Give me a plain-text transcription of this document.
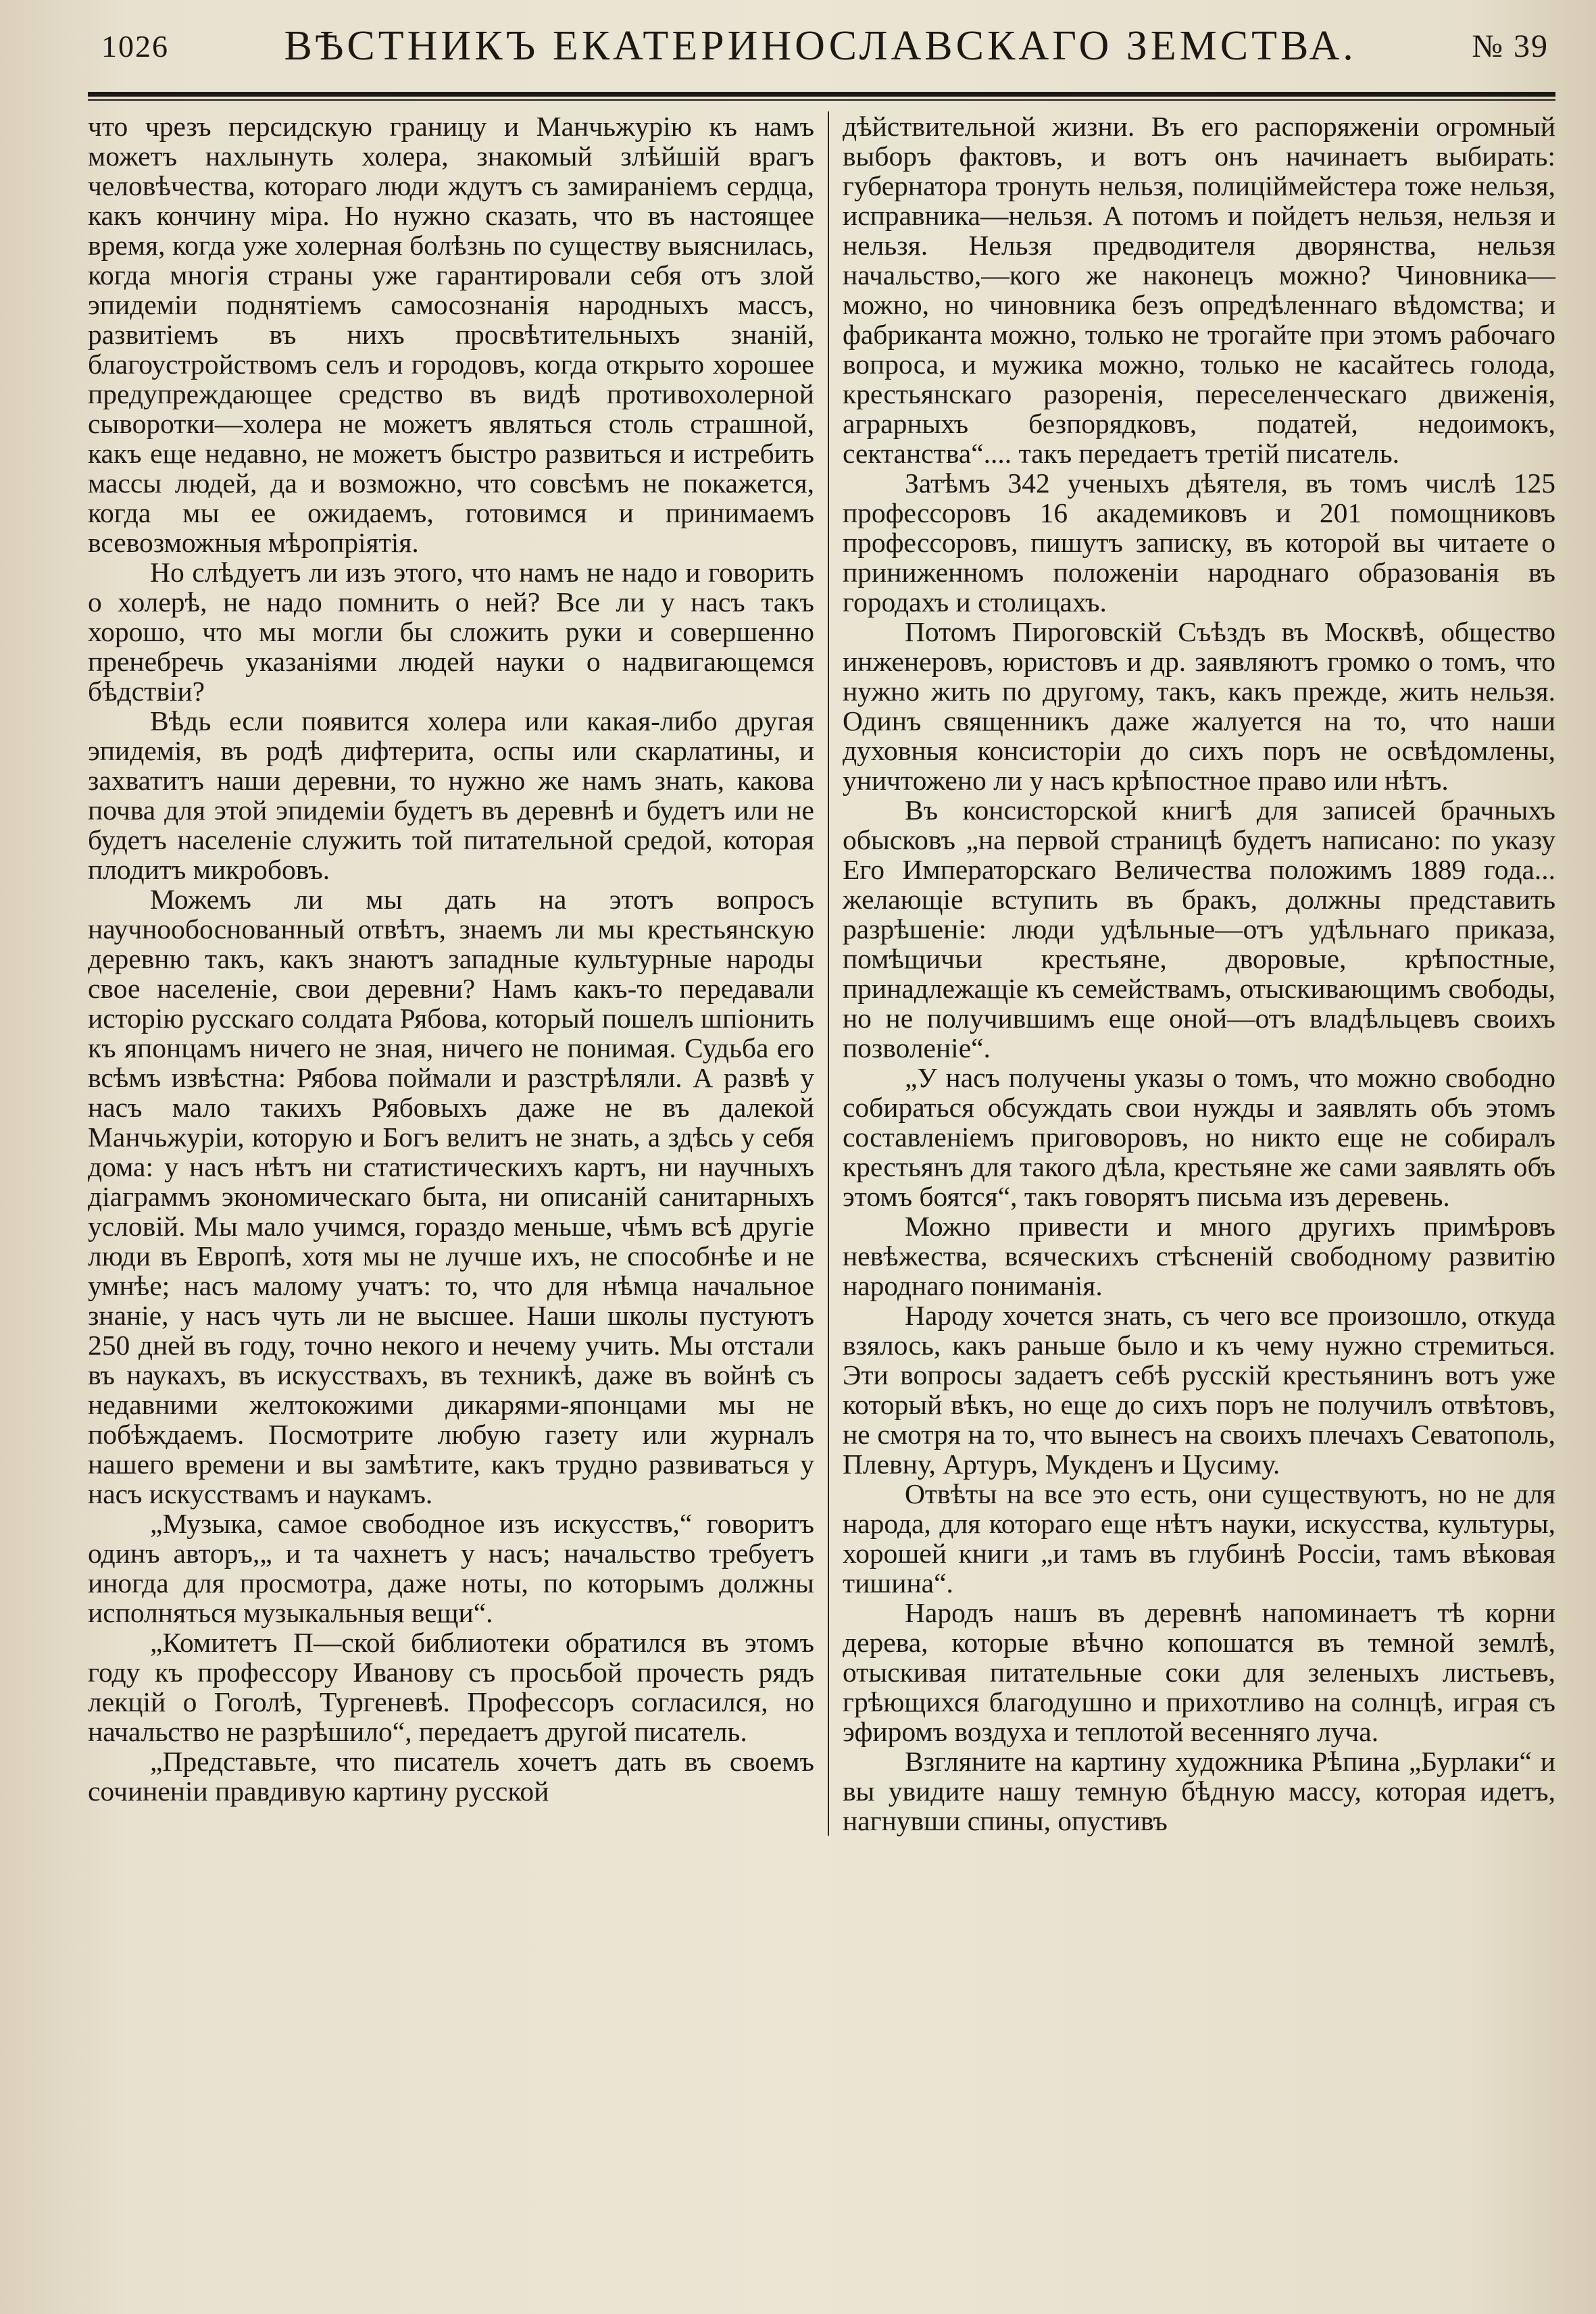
1026	ВѢСТНИКЪ ЕКАТЕРИНОСЛАВСКАГО ЗЕМСТВА.	№ 39

что чрезъ персидскую границу и Манчьжурію къ намъ можетъ нахлынуть холера, знакомый злѣйшій врагъ человѣчества, котораго люди ждутъ съ замираніемъ сердца, какъ кончину міра. Но нужно сказать, что въ настоящее время, когда уже холерная болѣзнь по существу выяснилась, когда многія страны уже гарантировали себя отъ злой эпидеміи поднятіемъ самосознанія народныхъ массъ, развитіемъ въ нихъ просвѣтительныхъ знаній, благоустройствомъ селъ и городовъ, когда открыто хорошее предупреждающее средство въ видѣ противохолерной сыворотки—холера не можетъ являться столь страшной, какъ еще недавно, не можетъ быстро развиться и истребить массы людей, да и возможно, что совсѣмъ не покажется, когда мы ее ожидаемъ, готовимся и принимаемъ всевозможныя мѣропріятія.

Но слѣдуетъ ли изъ этого, что намъ не надо и говорить о холерѣ, не надо помнить о ней? Все ли у насъ такъ хорошо, что мы могли бы сложить руки и совершенно пренебречь указаніями людей науки о надвигающемся бѣдствіи?

Вѣдь если появится холера или какая-либо другая эпидемія, въ родѣ дифтерита, оспы или скарлатины, и захватитъ наши деревни, то нужно же намъ знать, какова почва для этой эпидеміи будетъ въ деревнѣ и будетъ или не будетъ населеніе служить той питательной средой, которая плодитъ микробовъ.

Можемъ ли мы дать на этотъ вопросъ научнообоснованный отвѣтъ, знаемъ ли мы крестьянскую деревню такъ, какъ знаютъ западные культурные народы свое населеніе, свои деревни? Намъ какъ-то передавали исторію русскаго солдата Рябова, который пошелъ шпіонить къ японцамъ ничего не зная, ничего не понимая. Судьба его всѣмъ извѣстна: Рябова поймали и разстрѣляли. А развѣ у насъ мало такихъ Рябовыхъ даже не въ далекой Манчьжуріи, которую и Богъ велитъ не знать, а здѣсь у себя дома: у насъ нѣтъ ни статистическихъ картъ, ни научныхъ діаграммъ экономическаго быта, ни описаній санитарныхъ условій. Мы мало учимся, гораздо меньше, чѣмъ всѣ другіе люди въ Европѣ, хотя мы не лучше ихъ, не способнѣе и не умнѣе; насъ малому учатъ: то, что для нѣмца начальное знаніе, у насъ чуть ли не высшее. Наши школы пустуютъ 250 дней въ году, точно некого и нечему учить. Мы отстали въ наукахъ, въ искусствахъ, въ техникѣ, даже въ войнѣ съ недавними желтокожими дикарями-японцами мы не побѣждаемъ. Посмотрите любую газету или журналъ нашего времени и вы замѣтите, какъ трудно развиваться у насъ искусствамъ и наукамъ.

„Музыка, самое свободное изъ искусствъ,“ говоритъ одинъ авторъ,„ и та чахнетъ у насъ; начальство требуетъ иногда для просмотра, даже ноты, по которымъ должны исполняться музыкальныя вещи“.

„Комитетъ П—ской библиотеки обратился въ этомъ году къ профессору Иванову съ просьбой прочесть рядъ лекцій о Гоголѣ, Тургеневѣ. Профессоръ согласился, но начальство не разрѣшило“, передаетъ другой писатель.

„Представьте, что писатель хочетъ дать въ своемъ сочиненіи правдивую картину русской

дѣйствительной жизни. Въ его распоряженіи огромный выборъ фактовъ, и вотъ онъ начинаетъ выбирать: губернатора тронуть нельзя, полиціймейстера тоже нельзя, исправника—нельзя. А потомъ и пойдетъ нельзя, нельзя и нельзя. Нельзя предводителя дворянства, нельзя начальство,—кого же наконецъ можно? Чиновника—можно, но чиновника безъ опредѣленнаго вѣдомства; и фабриканта можно, только не трогайте при этомъ рабочаго вопроса, и мужика можно, только не касайтесь голода, крестьянскаго разоренія, переселенческаго движенія, аграрныхъ безпорядковъ, податей, недоимокъ, сектанства“.... такъ передаетъ третій писатель.

Затѣмъ 342 ученыхъ дѣятеля, въ томъ числѣ 125 профессоровъ 16 академиковъ и 201 помощниковъ профессоровъ, пишутъ записку, въ которой вы читаете о приниженномъ положеніи народнаго образованія въ городахъ и столицахъ.

Потомъ Пироговскій Съѣздъ въ Москвѣ, общество инженеровъ, юристовъ и др. заявляютъ громко о томъ, что нужно жить по другому, такъ, какъ прежде, жить нельзя. Одинъ священникъ даже жалуется на то, что наши духовныя консисторіи до сихъ поръ не освѣдомлены, уничтожено ли у насъ крѣпостное право или нѣтъ.

Въ консисторской книгѣ для записей брачныхъ обысковъ „на первой страницѣ будетъ написано: по указу Его Императорскаго Величества положимъ 1889 года... желающіе вступить въ бракъ, должны представить разрѣшеніе: люди удѣльные—отъ удѣльнаго приказа, помѣщичьи крестьяне, дворовые, крѣпостные, принадлежащіе къ семействамъ, отыскивающимъ свободы, но не получившимъ еще оной—отъ владѣльцевъ своихъ позволеніе“.

„У насъ получены указы о томъ, что можно свободно собираться обсуждать свои нужды и заявлять объ этомъ составленіемъ приговоровъ, но никто еще не собиралъ крестьянъ для такого дѣла, крестьяне же сами заявлять объ этомъ боятся“, такъ говорятъ письма изъ деревень.

Можно привести и много другихъ примѣровъ невѣжества, всяческихъ стѣсненій свободному развитію народнаго пониманія.

Народу хочется знать, съ чего все произошло, откуда взялось, какъ раньше было и къ чему нужно стремиться. Эти вопросы задаетъ себѣ русскій крестьянинъ вотъ уже который вѣкъ, но еще до сихъ поръ не получилъ отвѣтовъ, не смотря на то, что вынесъ на своихъ плечахъ Севатополь, Плевну, Артуръ, Мукденъ и Цусиму.

Отвѣты на все это есть, они существуютъ, но не для народа, для котораго еще нѣтъ науки, искусства, культуры, хорошей книги „и тамъ въ глубинѣ Россіи, тамъ вѣковая тишина“.

Народъ нашъ въ деревнѣ напоминаетъ тѣ корни дерева, которые вѣчно копошатся въ темной землѣ, отыскивая питательные соки для зеленыхъ листьевъ, грѣющихся благодушно и прихотливо на солнцѣ, играя съ эфиромъ воздуха и теплотой весенняго луча.

Взгляните на картину художника Рѣпина „Бурлаки“ и вы увидите нашу темную бѣдную массу, которая идетъ, нагнувши спины, опустивъ
